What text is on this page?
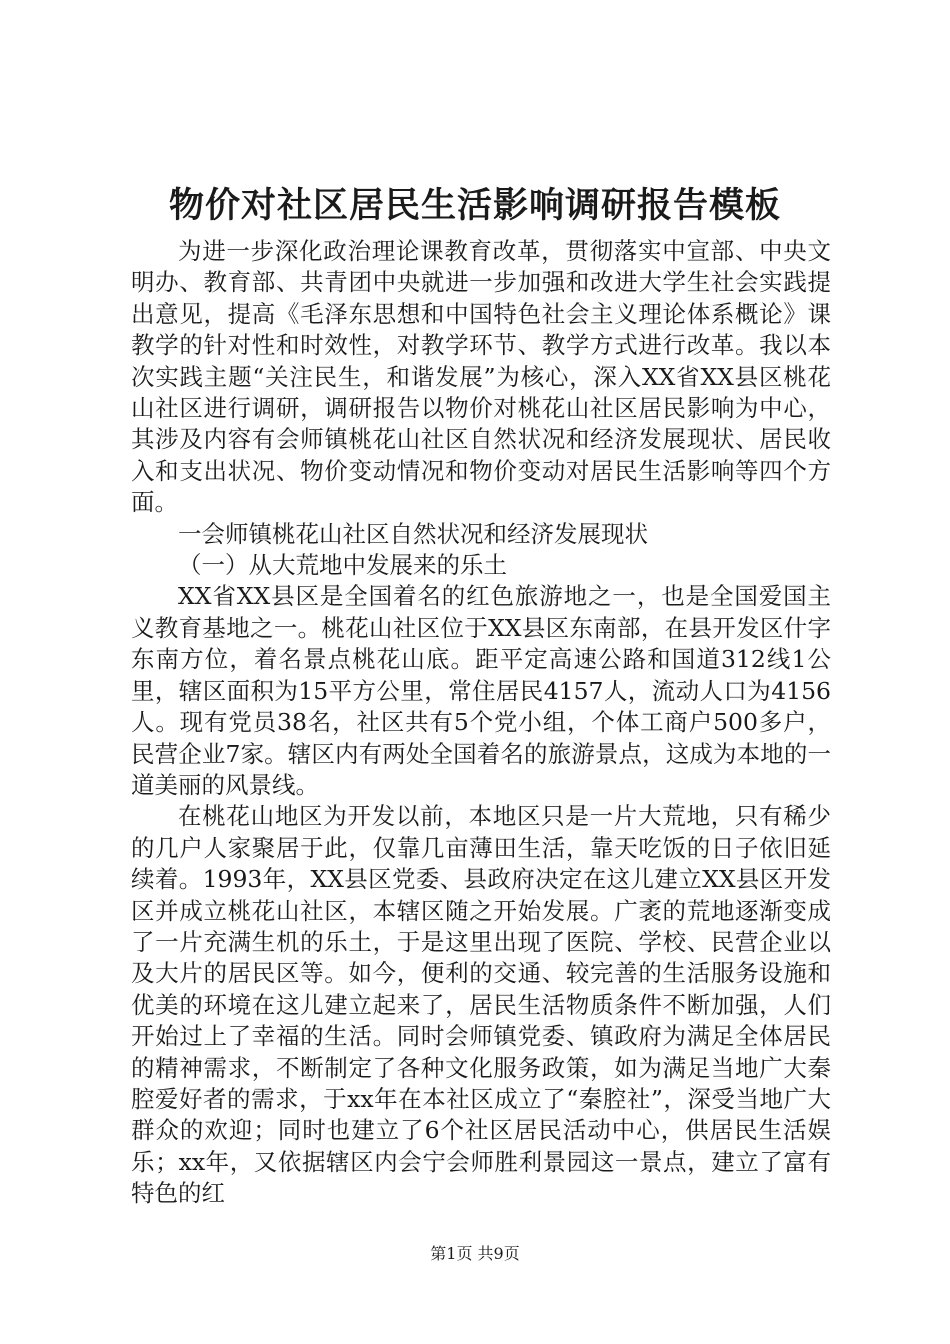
物价对社区居民生活影响调研报告模板

为进一步深化政治理论课教育改革，贯彻落实中宣部、中央文明办、教育部、共青团中央就进一步加强和改进大学生社会实践提出意见，提高《毛泽东思想和中国特色社会主义理论体系概论》课教学的针对性和时效性，对教学环节、教学方式进行改革。我以本次实践主题“关注民生，和谐发展”为核心，深入XX省XX县区桃花山社区进行调研，调研报告以物价对桃花山社区居民影响为中心，其涉及内容有会师镇桃花山社区自然状况和经济发展现状、居民收入和支出状况、物价变动情况和物价变动对居民生活影响等四个方面。

一会师镇桃花山社区自然状况和经济发展现状

（一）从大荒地中发展来的乐土

XX省XX县区是全国着名的红色旅游地之一，也是全国爱国主义教育基地之一。桃花山社区位于XX县区东南部，在县开发区什字东南方位，着名景点桃花山底。距平定高速公路和国道312线1公里，辖区面积为15平方公里，常住居民4157人，流动人口为4156人。现有党员38名，社区共有5个党小组，个体工商户500多户，民营企业7家。辖区内有两处全国着名的旅游景点，这成为本地的一道美丽的风景线。

在桃花山地区为开发以前，本地区只是一片大荒地，只有稀少的几户人家聚居于此，仅靠几亩薄田生活，靠天吃饭的日子依旧延续着。1993年，XX县区党委、县政府决定在这儿建立XX县区开发区并成立桃花山社区，本辖区随之开始发展。广袤的荒地逐渐变成了一片充满生机的乐土，于是这里出现了医院、学校、民营企业以及大片的居民区等。如今，便利的交通、较完善的生活服务设施和优美的环境在这儿建立起来了，居民生活物质条件不断加强，人们开始过上了幸福的生活。同时会师镇党委、镇政府为满足全体居民的精神需求，不断制定了各种文化服务政策，如为满足当地广大秦腔爱好者的需求，于xx年在本社区成立了“秦腔社”，深受当地广大群众的欢迎；同时也建立了6个社区居民活动中心，供居民生活娱乐；xx年，又依据辖区内会宁会师胜利景园这一景点，建立了富有特色的红

第1页 共9页
